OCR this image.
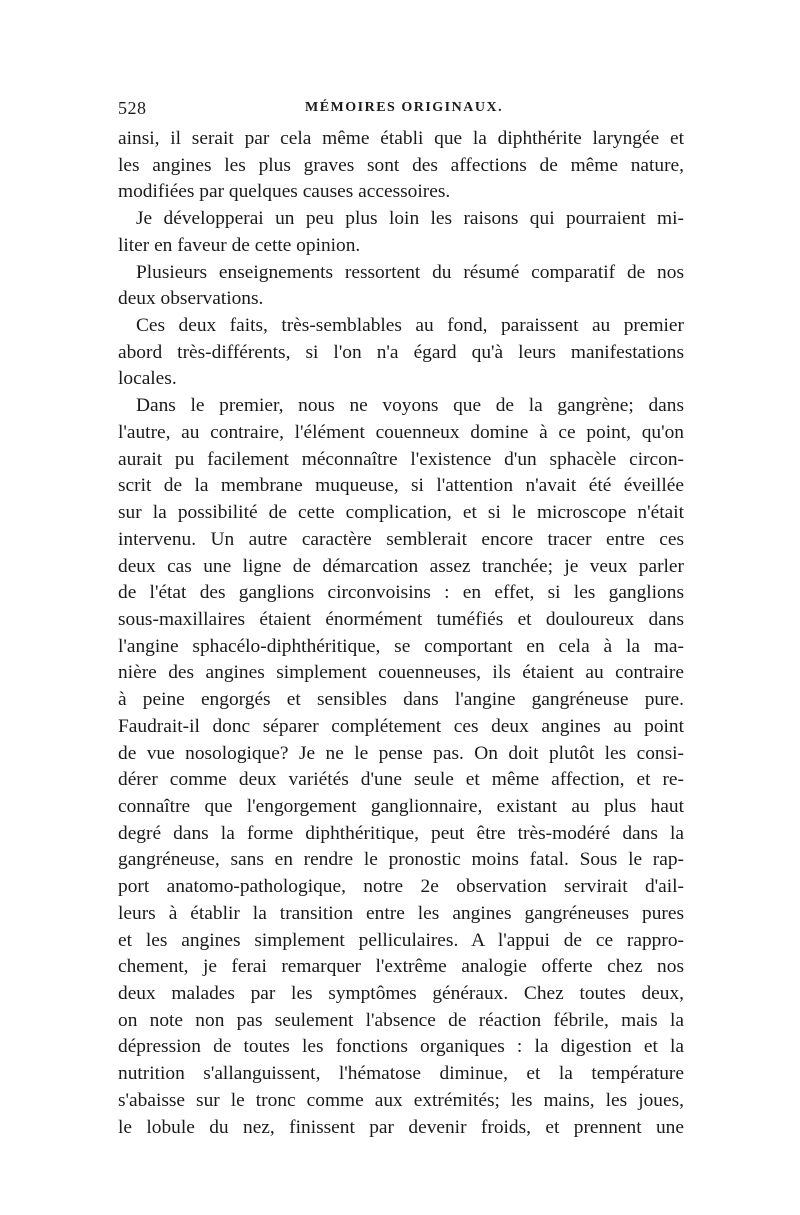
528	MÉMOIRES ORIGINAUX.
ainsi, il serait par cela même établi que la diphthérite laryngée et
les angines les plus graves sont des affections de même nature,
modifiées par quelques causes accessoires.
Je développerai un peu plus loin les raisons qui pourraient mi-
liter en faveur de cette opinion.
Plusieurs enseignements ressortent du résumé comparatif de nos
deux observations.
Ces deux faits, très-semblables au fond, paraissent au premier
abord très-différents, si l'on n'a égard qu'à leurs manifestations
locales.
Dans le premier, nous ne voyons que de la gangrène; dans
l'autre, au contraire, l'élément couenneux domine à ce point, qu'on
aurait pu facilement méconnaître l'existence d'un sphacèle circon-
scrit de la membrane muqueuse, si l'attention n'avait été éveillée
sur la possibilité de cette complication, et si le microscope n'était
intervenu. Un autre caractère semblerait encore tracer entre ces
deux cas une ligne de démarcation assez tranchée; je veux parler
de l'état des ganglions circonvoisins : en effet, si les ganglions
sous-maxillaires étaient énormément tuméfiés et douloureux dans
l'angine sphacélo-diphthéritique, se comportant en cela à la ma-
nière des angines simplement couenneuses, ils étaient au contraire
à peine engorgés et sensibles dans l'angine gangréneuse pure.
Faudrait-il donc séparer complétement ces deux angines au point
de vue nosologique? Je ne le pense pas. On doit plutôt les consi-
dérer comme deux variétés d'une seule et même affection, et re-
connaître que l'engorgement ganglionnaire, existant au plus haut
degré dans la forme diphthéritique, peut être très-modéré dans la
gangréneuse, sans en rendre le pronostic moins fatal. Sous le rap-
port anatomo-pathologique, notre 2e observation servirait d'ail-
leurs à établir la transition entre les angines gangréneuses pures
et les angines simplement pelliculaires. A l'appui de ce rappro-
chement, je ferai remarquer l'extrême analogie offerte chez nos
deux malades par les symptômes généraux. Chez toutes deux,
on note non pas seulement l'absence de réaction fébrile, mais la
dépression de toutes les fonctions organiques : la digestion et la
nutrition s'allanguissent, l'hématose diminue, et la température
s'abaisse sur le tronc comme aux extrémités; les mains, les joues,
le lobule du nez, finissent par devenir froids, et prennent une
